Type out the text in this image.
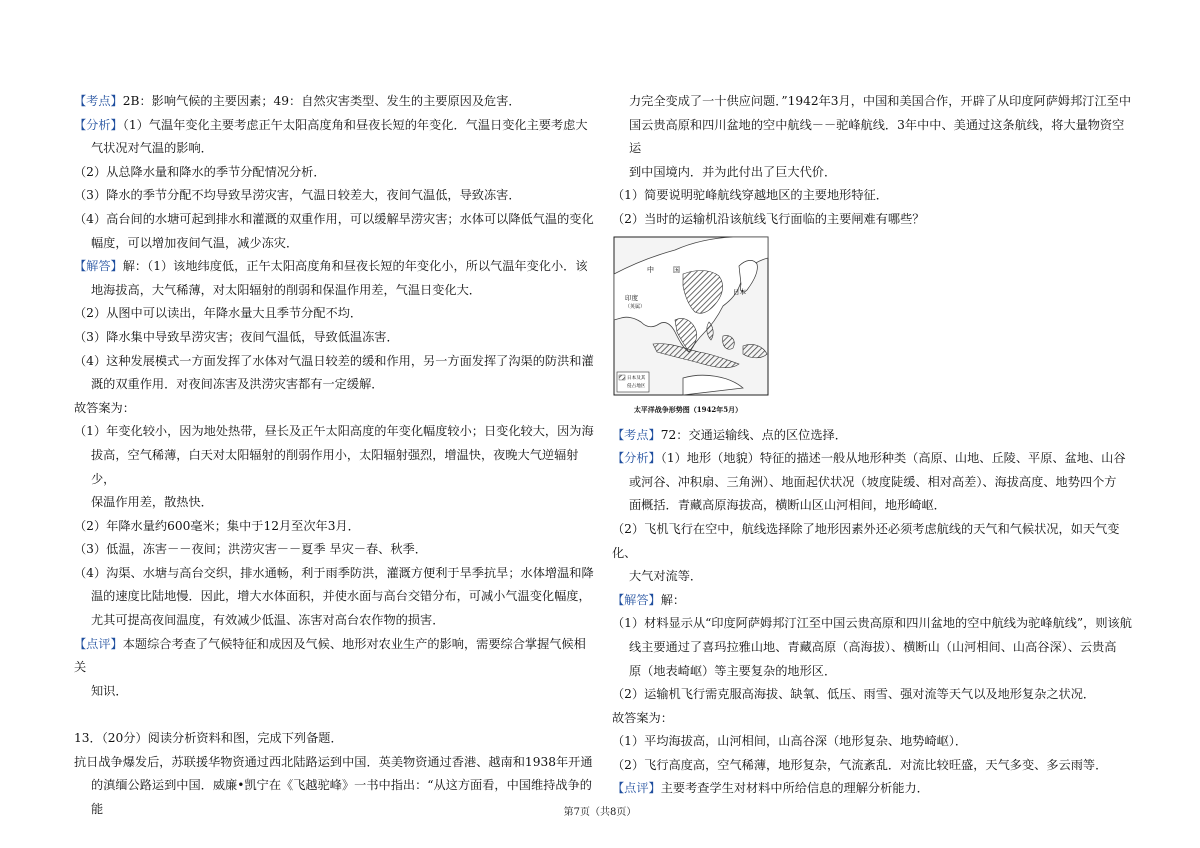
【考点】2B：影响气候的主要因素；49：自然灾害类型、发生的主要原因及危害．
【分析】（1）气温年变化主要考虑正午太阳高度角和昼夜长短的年变化．气温日变化主要考虑大
气状况对气温的影响．
（2）从总降水量和降水的季节分配情况分析．
（3）降水的季节分配不均导致旱涝灾害，气温日较差大，夜间气温低，导致冻害．
（4）高台间的水塘可起到排水和灌溉的双重作用，可以缓解旱涝灾害；水体可以降低气温的变化
幅度，可以增加夜间气温，减少冻灾．
【解答】解：（1）该地纬度低，正午太阳高度角和昼夜长短的年变化小，所以气温年变化小．该
地海拔高，大气稀薄，对太阳辐射的削弱和保温作用差，气温日变化大．
（2）从图中可以读出，年降水量大且季节分配不均．
（3）降水集中导致旱涝灾害；夜间气温低，导致低温冻害．
（4）这种发展模式一方面发挥了水体对气温日较差的缓和作用，另一方面发挥了沟渠的防洪和灌
溉的双重作用．对夜间冻害及洪涝灾害都有一定缓解．
故答案为：
（1）年变化较小，因为地处热带，昼长及正午太阳高度的年变化幅度较小；日变化较大，因为海
拔高，空气稀薄，白天对太阳辐射的削弱作用小，太阳辐射强烈，增温快，夜晚大气逆辐射少，
保温作用差，散热快．
（2）年降水量约600毫米；集中于12月至次年3月．
（3）低温，冻害－－夜间；洪涝灾害－－夏季 旱灾－春、秋季．
（4）沟渠、水塘与高台交织，排水通畅，利于雨季防洪，灌溉方便利于旱季抗旱；水体增温和降
温的速度比陆地慢．因此，增大水体面积，并使水面与高台交错分布，可减小气温变化幅度，
尤其可提高夜间温度，有效减少低温、冻害对高台农作物的损害．
【点评】本题综合考查了气候特征和成因及气候、地形对农业生产的影响，需要综合掌握气候相关
知识．
13．（20分）阅读分析资料和图，完成下列备题．
抗日战争爆发后，苏联援华物资通过西北陆路运到中国．英美物资通过香港、越南和1938年开通
的滇缅公路运到中国．威廉•凯宁在《飞越驼峰》一书中指出：“从这方面看，中国维持战争的能
力完全变成了一十供应问题．”1942年3月，中国和美国合作，开辟了从印度阿萨姆邦汀江至中
国云贵高原和四川盆地的空中航线－－驼峰航线．3年中中、美通过这条航线，将大量物资空运
到中国境内．并为此付出了巨大代价．
（1）简要说明驼峰航线穿越地区的主要地形特征．
（2）当时的运输机沿该航线飞行面临的主要闸难有哪些？
中	国
日本
印度
（英属）
日本及其
侵占地区
太平洋战争形势图（1942年5月）
【考点】72：交通运输线、点的区位选择．
【分析】（1）地形（地貌）特征的描述一般从地形种类（高原、山地、丘陵、平原、盆地、山谷
或河谷、冲积扇、三角洲）、地面起伏状况（坡度陡缓、相对高差）、海拔高度、地势四个方
面概括．青藏高原海拔高，横断山区山河相间，地形崎岖．
（2）飞机飞行在空中，航线选择除了地形因素外还必须考虑航线的天气和气候状况，如天气变化、
大气对流等．
【解答】解：
（1）材料显示从“印度阿萨姆邦汀江至中国云贵高原和四川盆地的空中航线为驼峰航线”，则该航
线主要通过了喜玛拉雅山地、青藏高原（高海拔）、横断山（山河相间、山高谷深）、云贵高
原（地表崎岖）等主要复杂的地形区．
（2）运输机飞行需克服高海拔、缺氧、低压、雨雪、强对流等天气以及地形复杂之状况．
故答案为：
（1）平均海拔高，山河相间，山高谷深（地形复杂、地势崎岖）．
（2）飞行高度高，空气稀薄，地形复杂，气流紊乱．对流比较旺盛，天气多变、多云雨等．
【点评】主要考查学生对材料中所给信息的理解分析能力．
第7页（共8页）
